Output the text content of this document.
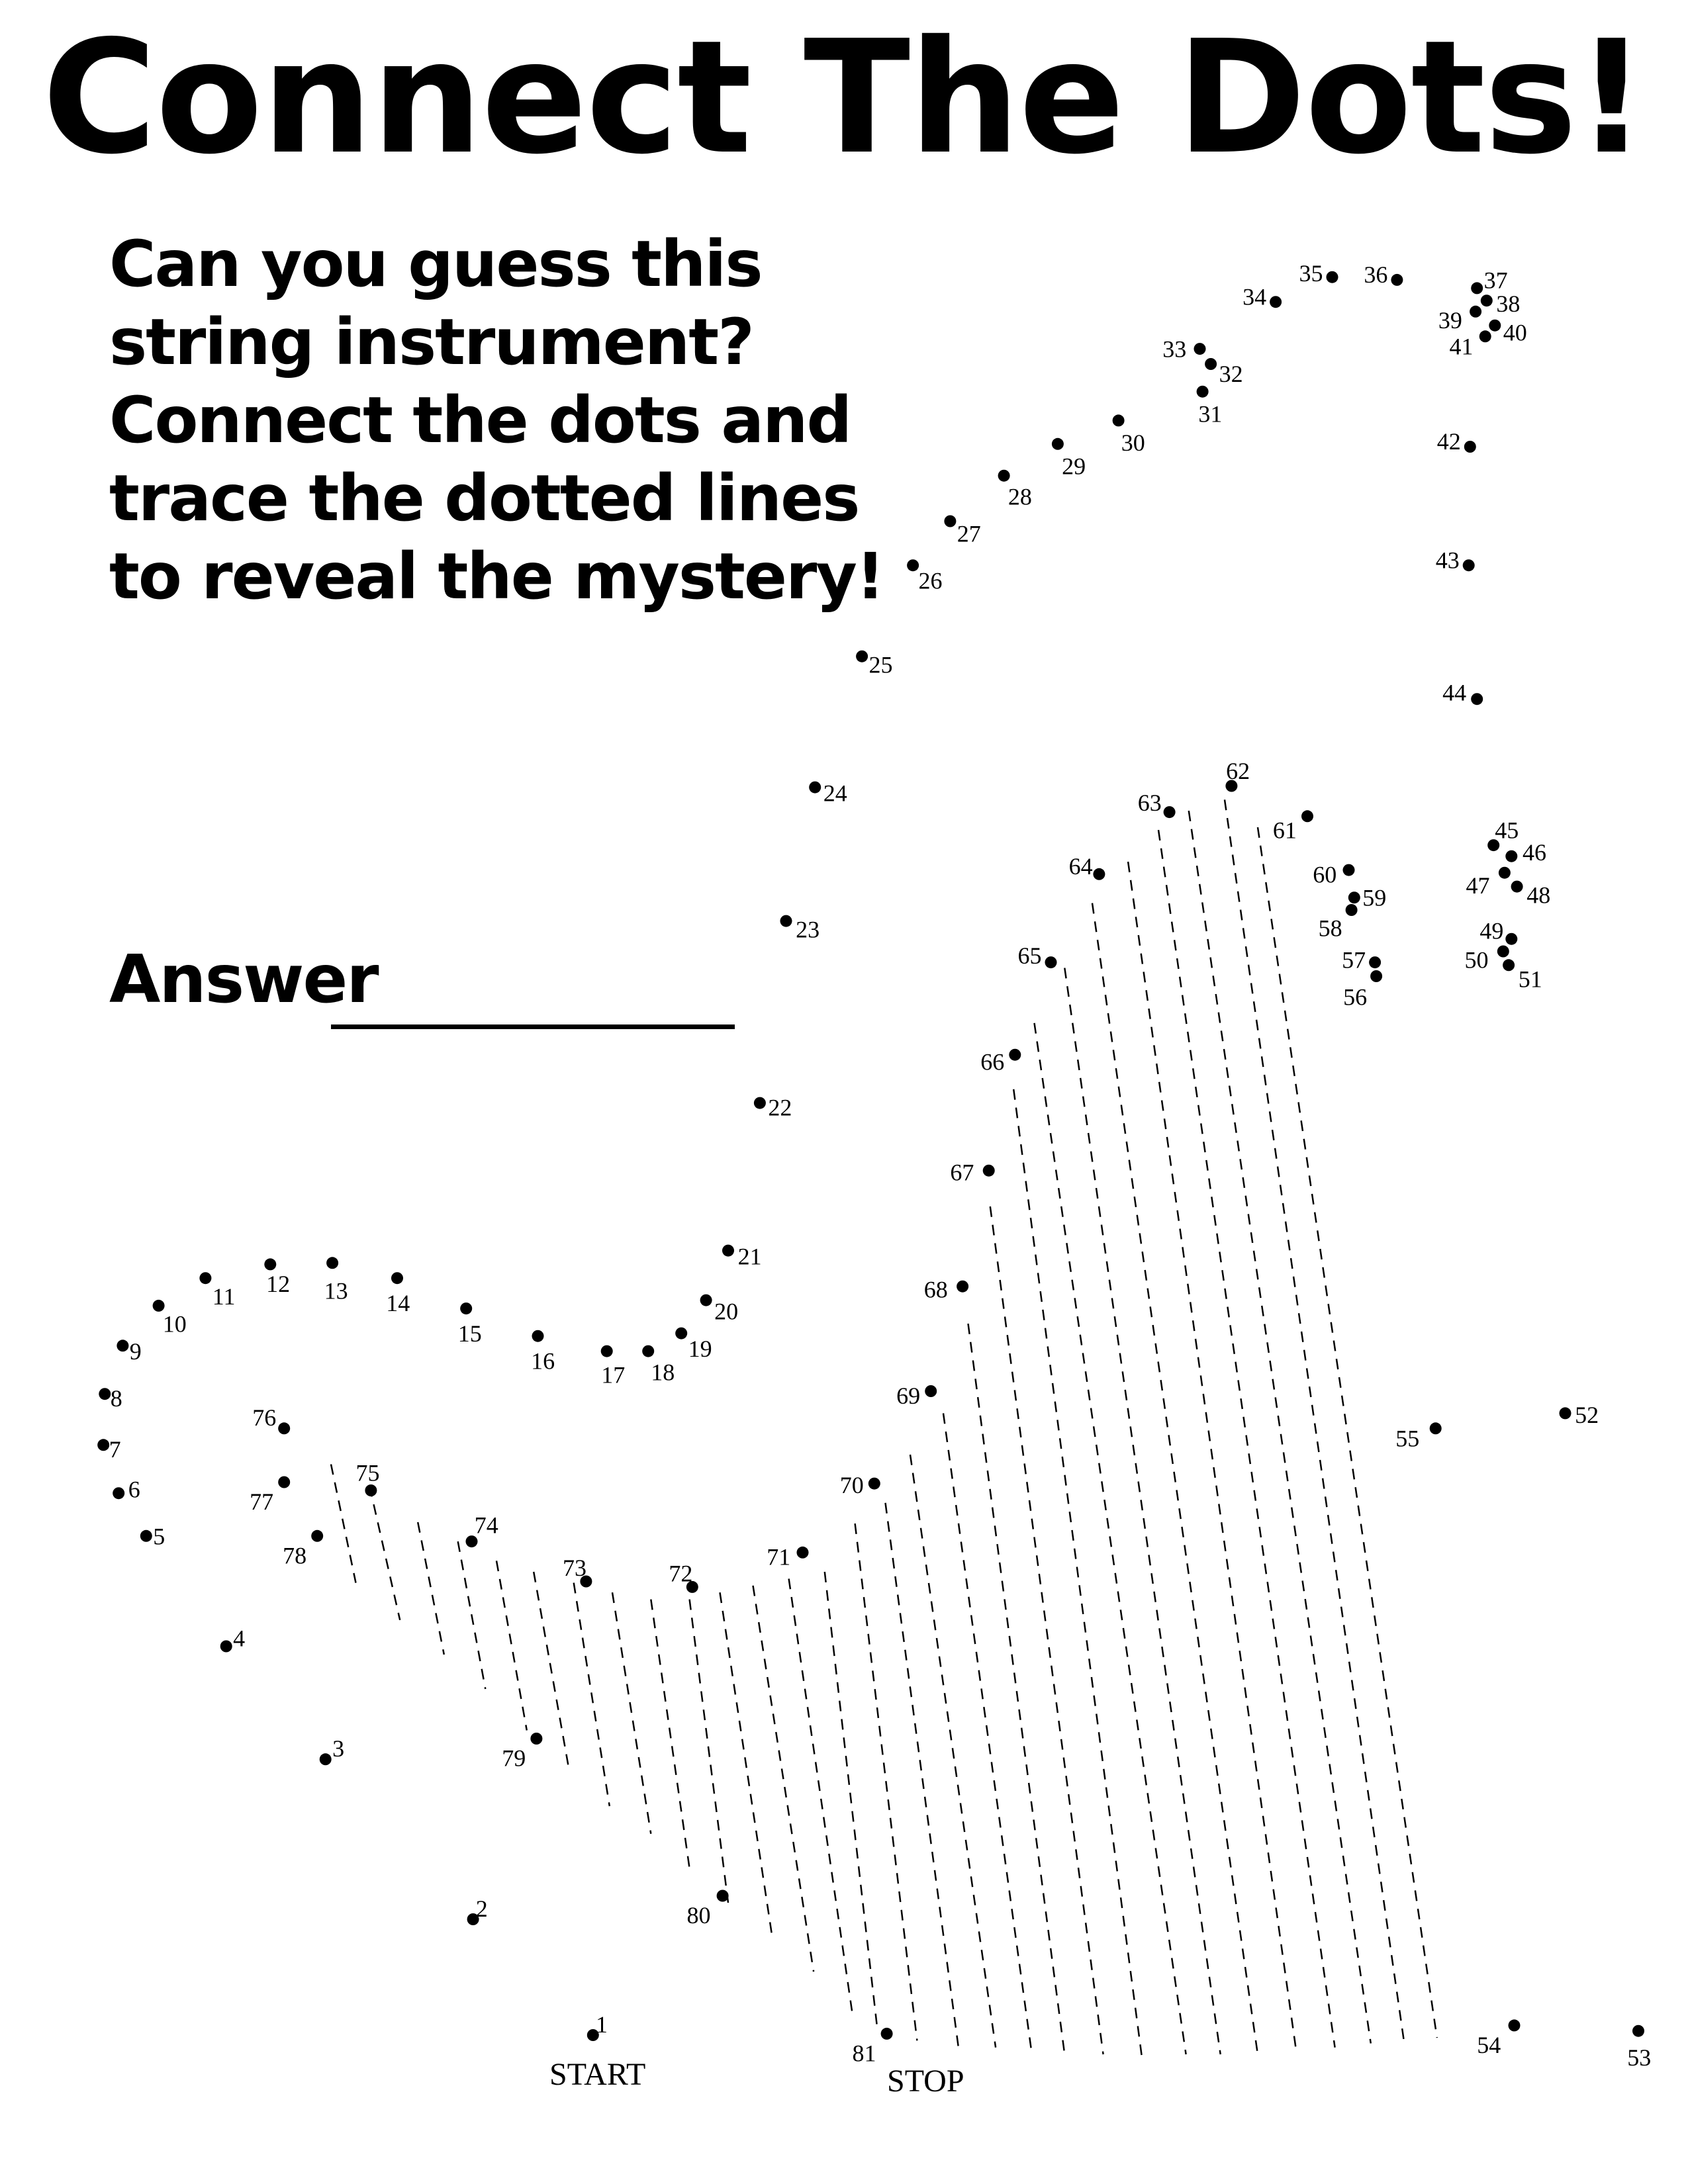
Connect The Dots!
Can you guess this string instrument? Connect the dots and trace the dotted lines to reveal the mystery!
Answer
1
2
3
4
5
6
7
8
9
10
11 12 13 14
15
16
17 18
19
20
21
22
23
24
25
26
27
28
29
30
31
32
33
34
35 36	37
38
39 40
41
42
43
44
45
46
47 48
49
50
51
52
53
54
55
56
57
58
59
60
61
62
63
64
65
66
67
68
69
70
71
72
73
74
75
76
77
78
79
80
81
START	STOP
